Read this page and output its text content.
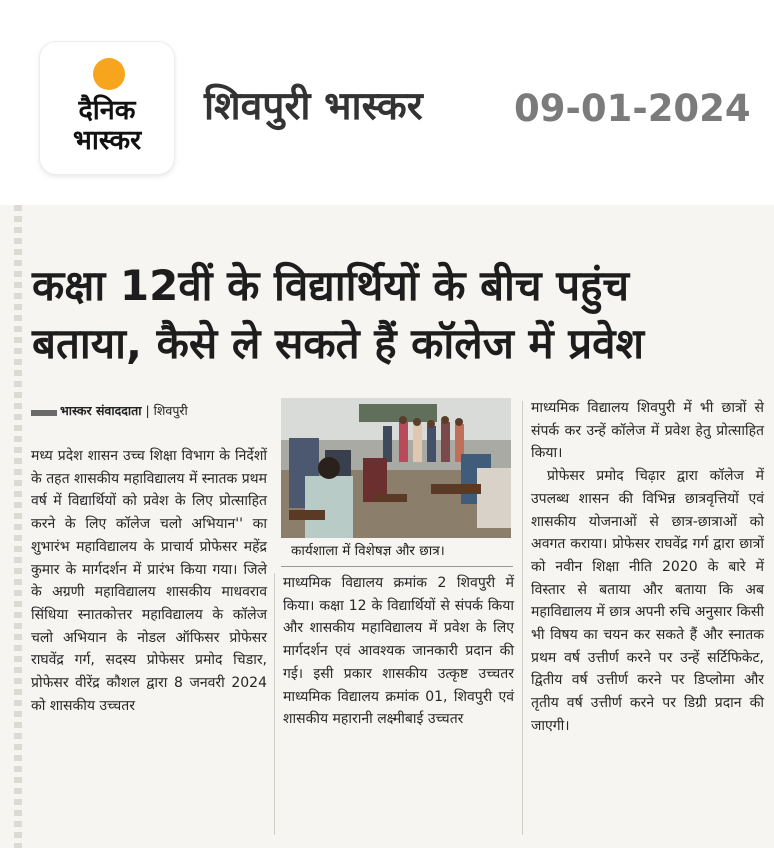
दैनिक
भास्कर
शिवपुरी भास्कर 09-01-2024
कक्षा 12वीं के विद्यार्थियों के बीच पहुंच
बताया, कैसे ले सकते हैं कॉलेज में प्रवेश
भास्कर संवाददाता | शिवपुरी

मध्य प्रदेश शासन उच्च शिक्षा विभाग के निर्देशों के तहत शासकीय महाविद्यालय में स्नातक प्रथम वर्ष में विद्यार्थियों को प्रवेश के लिए प्रोत्साहित करने के लिए कॉलेज चलो अभियान'' का शुभारंभ महाविद्यालय के प्राचार्य प्रोफेसर महेंद्र कुमार के मार्गदर्शन में प्रारंभ किया गया। जिले के अग्रणी महाविद्यालय शासकीय माधवराव सिंधिया स्नातकोत्तर महाविद्यालय के कॉलेज चलो अभियान के नोडल ऑफिसर प्रोफेसर राघवेंद्र गर्ग, सदस्य प्रोफेसर प्रमोद चिडार, प्रोफेसर वीरेंद्र कौशल द्वारा 8 जनवरी 2024 को शासकीय उच्चतर

कार्यशाला में विशेषज्ञ और छात्र।

माध्यमिक विद्यालय क्रमांक 2 शिवपुरी में किया। कक्षा 12 के विद्यार्थियों से संपर्क किया और शासकीय महाविद्यालय में प्रवेश के लिए मार्गदर्शन एवं आवश्यक जानकारी प्रदान की गई। इसी प्रकार शासकीय उत्कृष्ट उच्चतर माध्यमिक विद्यालय क्रमांक 01, शिवपुरी एवं शासकीय महारानी लक्ष्मीबाई उच्चतर

माध्यमिक विद्यालय शिवपुरी में भी छात्रों से संपर्क कर उन्हें कॉलेज में प्रवेश हेतु प्रोत्साहित किया।

प्रोफेसर प्रमोद चिढ़ार द्वारा कॉलेज में उपलब्ध शासन की विभिन्न छात्रवृत्तियों एवं शासकीय योजनाओं से छात्र-छात्राओं को अवगत कराया। प्रोफेसर राघवेंद्र गर्ग द्वारा छात्रों को नवीन शिक्षा नीति 2020 के बारे में विस्तार से बताया और बताया कि अब महाविद्यालय में छात्र अपनी रुचि अनुसार किसी भी विषय का चयन कर सकते हैं और स्नातक प्रथम वर्ष उत्तीर्ण करने पर उन्हें सर्टिफिकेट, द्वितीय वर्ष उत्तीर्ण करने पर डिप्लोमा और तृतीय वर्ष उत्तीर्ण करने पर डिग्री प्रदान की जाएगी।
